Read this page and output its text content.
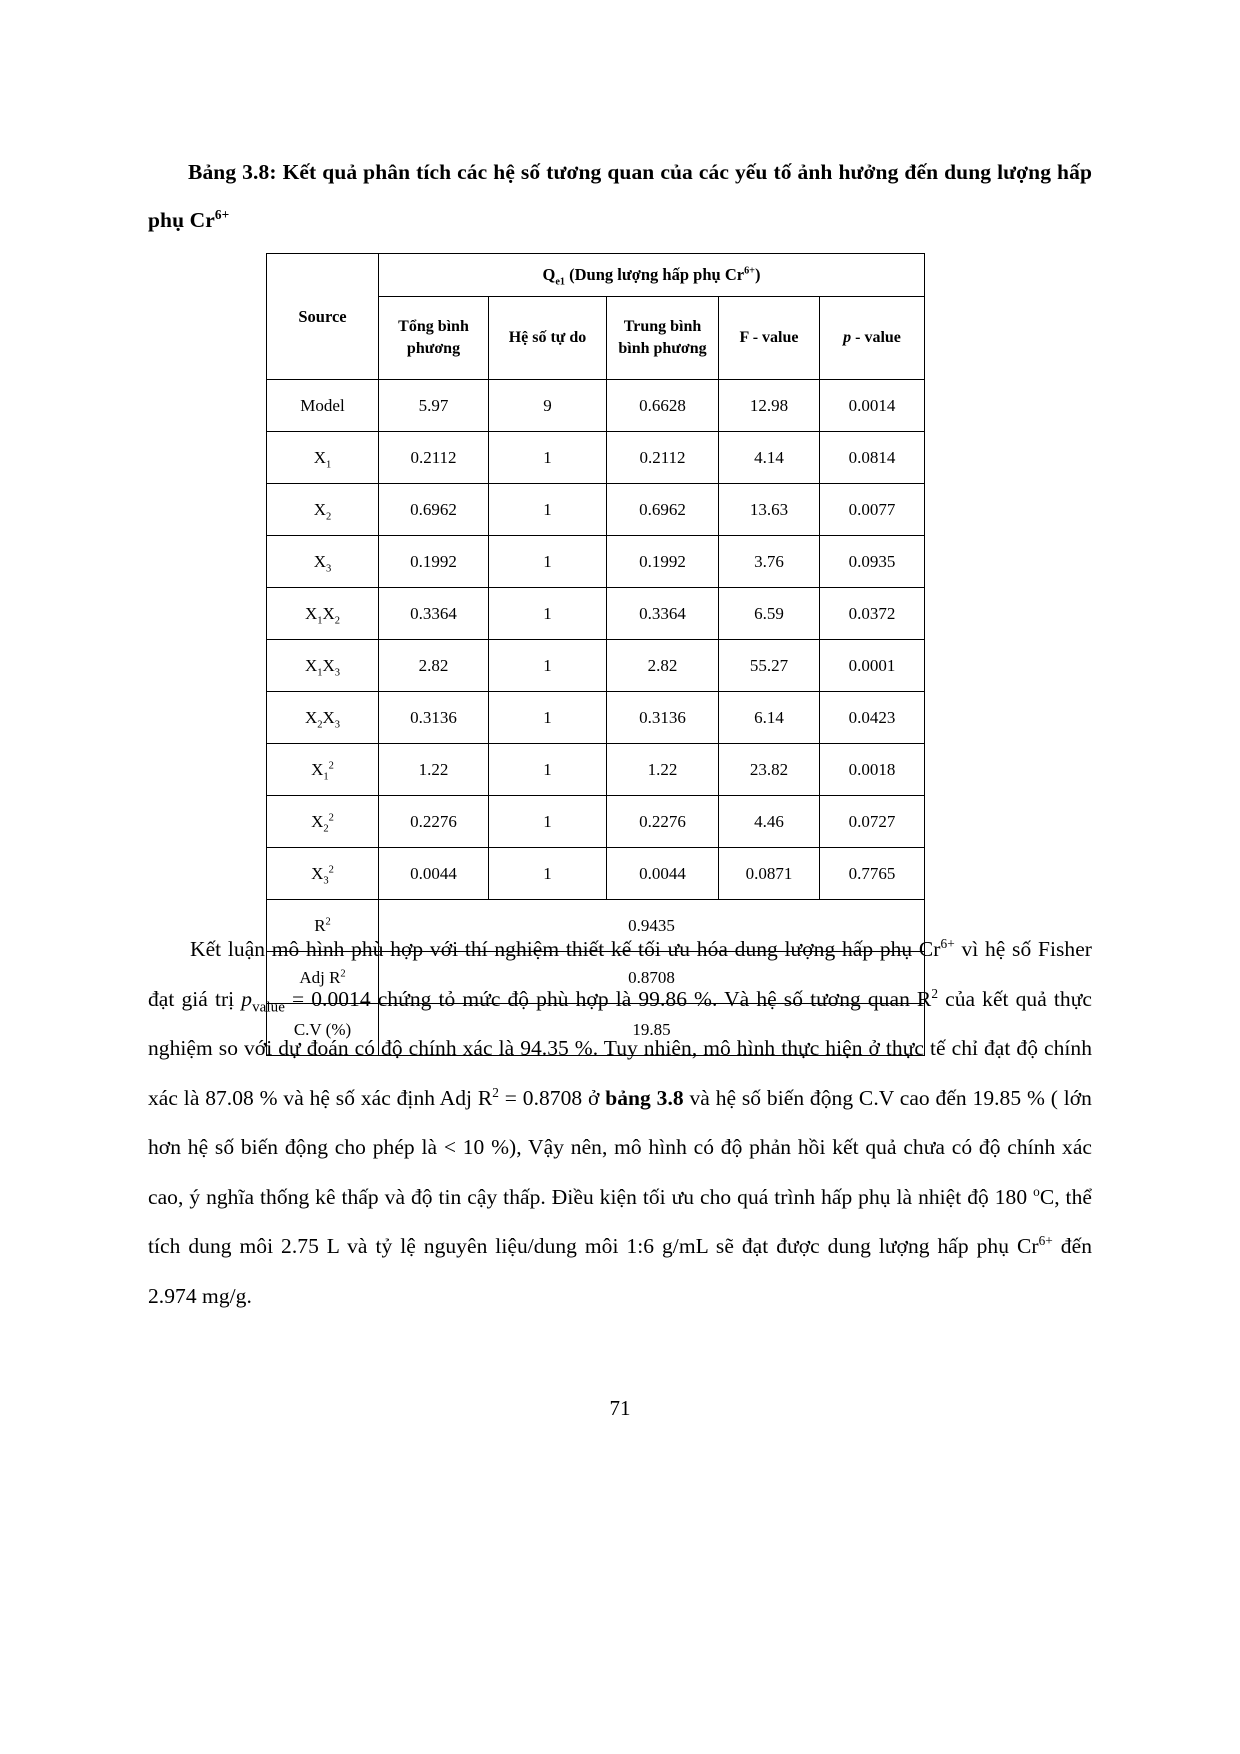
Bảng 3.8: Kết quả phân tích các hệ số tương quan của các yếu tố ảnh hưởng đến dung lượng hấp phụ $Cr^{6+}$
Source	$Q_{e1}$ (Dung lượng hấp phụ $Cr^{6+}$)				
	Tổng bình phương	Hệ số tự do	Trung bình bình phương	F - value	p - value
Model	5.97	9	0.6628	12.98	0.0014
$X_1$	0.2112	1	0.2112	4.14	0.0814
$X_2$	0.6962	1	0.6962	13.63	0.0077
$X_3$	0.1992	1	0.1992	3.76	0.0935
$X_1X_2$	0.3364	1	0.3364	6.59	0.0372
$X_1X_3$	2.82	1	2.82	55.27	0.0001
$X_2X_3$	0.3136	1	0.3136	6.14	0.0423
$X_1^2$	1.22	1	1.22	23.82	0.0018
$X_2^2$	0.2276	1	0.2276	4.46	0.0727
$X_3^2$	0.0044	1	0.0044	0.0871	0.7765
$R^2$	0.9435				
Adj $R^2$	0.8708				
C.V (%)	19.85				
Kết luận mô hình phù hợp với thí nghiệm thiết kế tối ưu hóa dung lượng hấp phụ $Cr^{6+}$ vì hệ số Fisher đạt giá trị $p_{value} = 0.0014$ chứng tỏ mức độ phù hợp là 99.86 %. Và hệ số tương quan $R^2$ của kết quả thực nghiệm so với dự đoán có độ chính xác là 94.35 %. Tuy nhiên, mô hình thực hiện ở thực tế chỉ đạt độ chính xác là 87.08 % và hệ số xác định Adj $R^2 = 0.8708$ ở bảng 3.8 và hệ số biến động C.V cao đến 19.85 % ( lớn hơn hệ số biến động cho phép là < 10 %), Vậy nên, mô hình có độ phản hồi kết quả chưa có độ chính xác cao, ý nghĩa thống kê thấp và độ tin cậy thấp. Điều kiện tối ưu cho quá trình hấp phụ là nhiệt độ 180 $^o$C, thể tích dung môi 2.75 L và tỷ lệ nguyên liệu/dung môi 1:6 g/mL sẽ đạt được dung lượng hấp phụ $Cr^{6+}$ đến 2.974 mg/g.
71
